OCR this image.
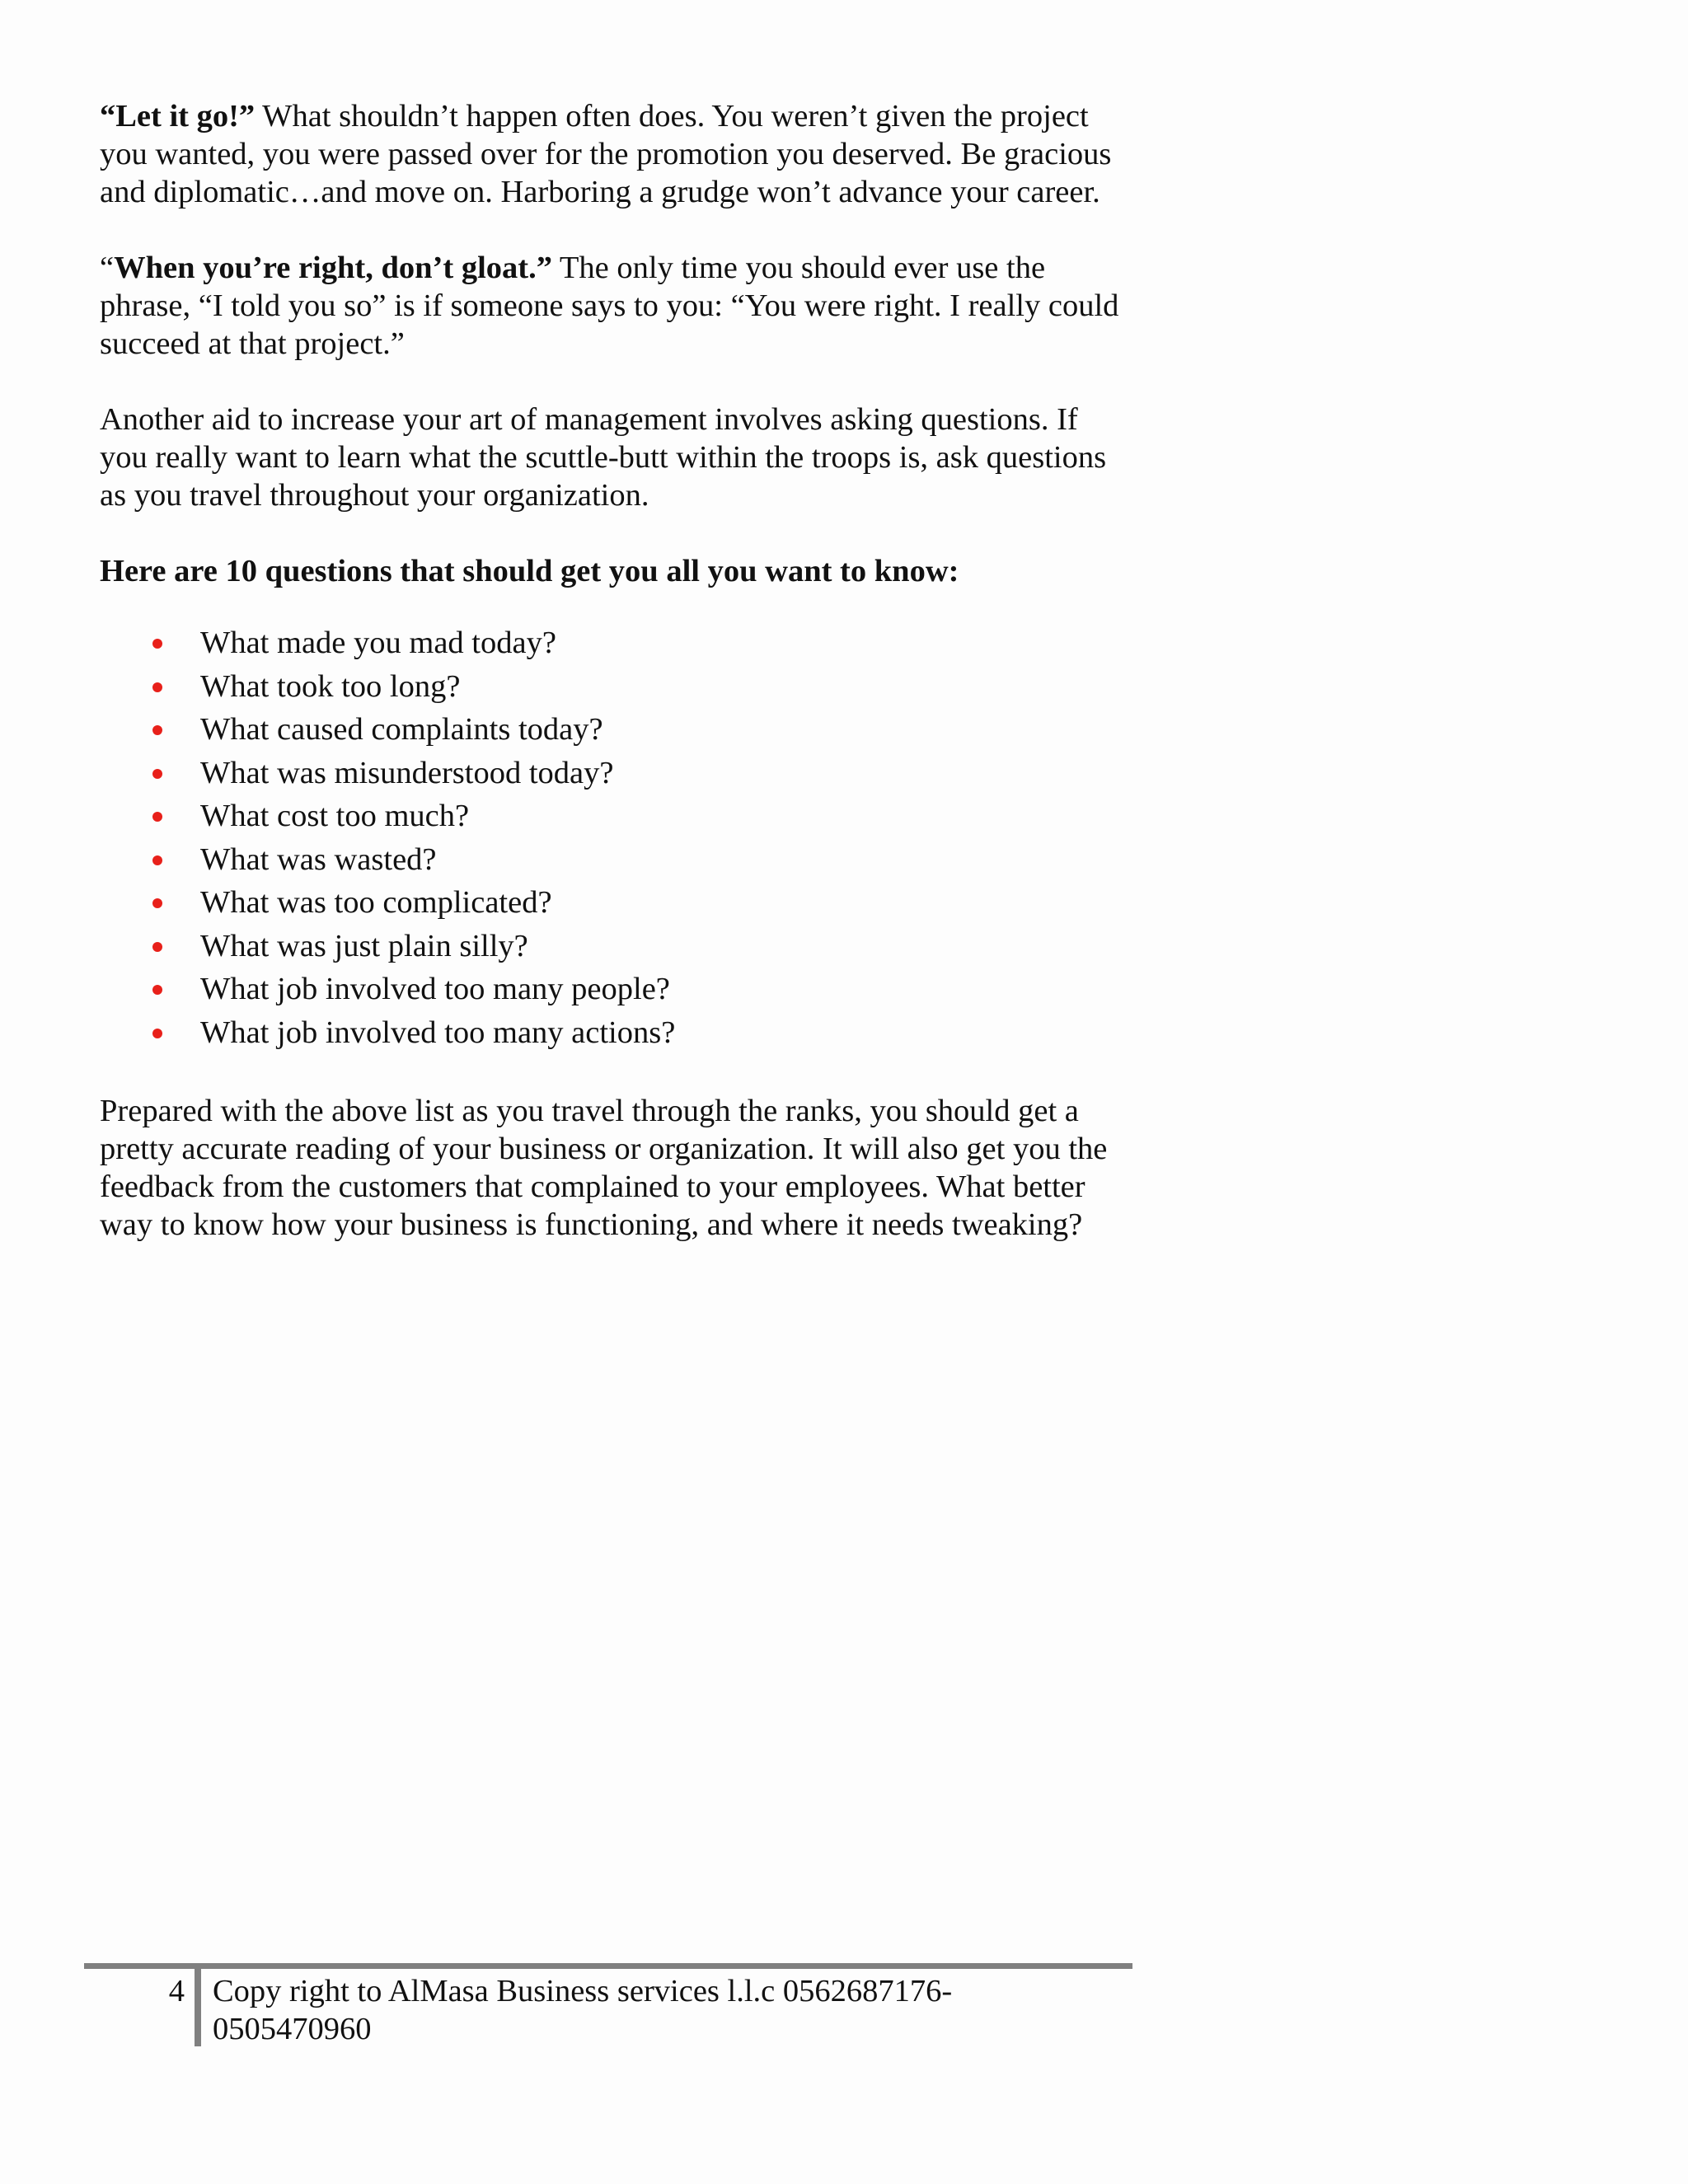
“Let it go!” What shouldn’t happen often does. You weren’t given the project you wanted, you were passed over for the promotion you deserved. Be gracious and diplomatic…and move on. Harboring a grudge won’t advance your career.

“When you’re right, don’t gloat.” The only time you should ever use the phrase, “I told you so” is if someone says to you: “You were right. I really could succeed at that project.”

Another aid to increase your art of management involves asking questions. If you really want to learn what the scuttle-butt within the troops is, ask questions as you travel throughout your organization.

Here are 10 questions that should get you all you want to know:

What made you mad today?
What took too long?
What caused complaints today?
What was misunderstood today?
What cost too much?
What was wasted?
What was too complicated?
What was just plain silly?
What job involved too many people?
What job involved too many actions?

Prepared with the above list as you travel through the ranks, you should get a pretty accurate reading of your business or organization. It will also get you the feedback from the customers that complained to your employees. What better way to know how your business is functioning, and where it needs tweaking?

4 Copy right to AlMasa Business services l.l.c 0562687176-
0505470960
